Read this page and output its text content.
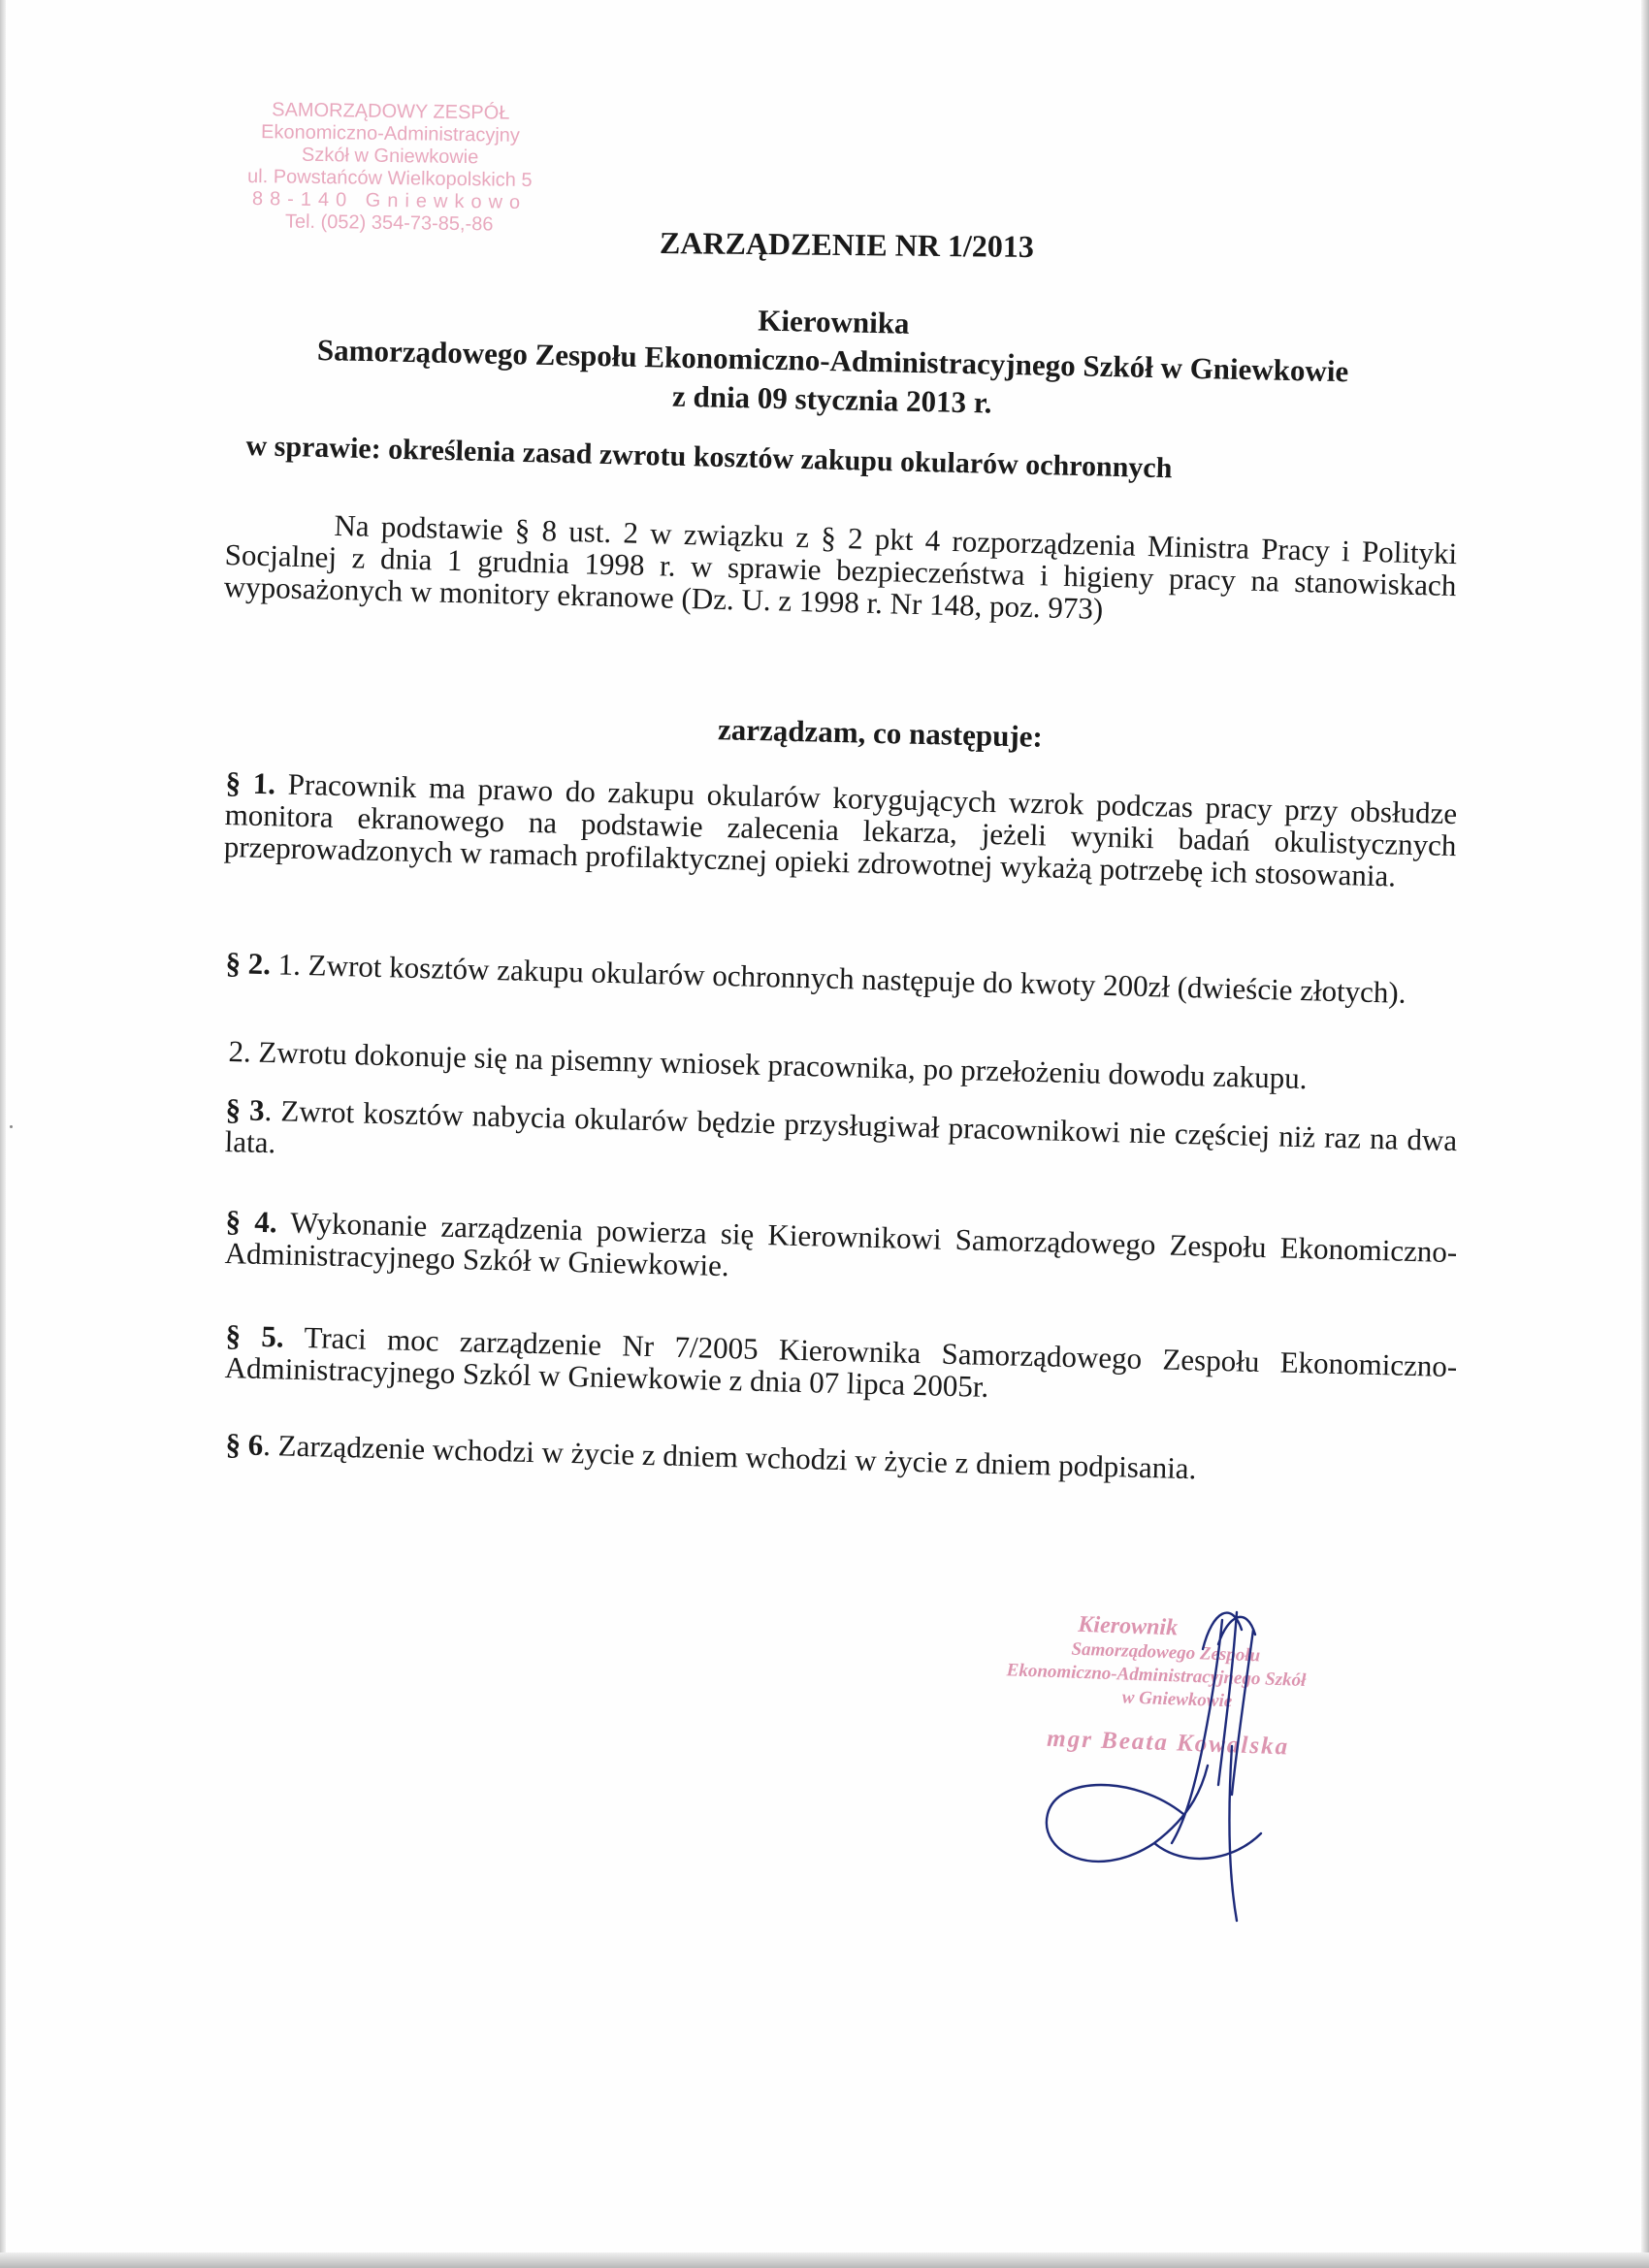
SAMORZĄDOWY ZESPÓŁ
Ekonomiczno-Administracyjny
Szkół w Gniewkowie
ul. Powstańców Wielkopolskich 5
88-140 Gniewkowo
Tel. (052) 354-73-85,-86
ZARZĄDZENIE NR 1/2013
Kierownika
Samorządowego Zespołu Ekonomiczno-Administracyjnego Szkół w Gniewkowie
z dnia 09 stycznia 2013 r.
w sprawie: określenia zasad zwrotu kosztów zakupu okularów ochronnych
Na podstawie § 8 ust. 2 w związku z § 2 pkt 4 rozporządzenia Ministra Pracy i Polityki Socjalnej z dnia 1 grudnia 1998 r. w sprawie bezpieczeństwa i higieny pracy na stanowiskach wyposażonych w monitory ekranowe (Dz. U. z 1998 r. Nr 148, poz. 973)
zarządzam, co następuje:
§ 1. Pracownik ma prawo do zakupu okularów korygujących wzrok podczas pracy przy obsłudze monitora ekranowego na podstawie zalecenia lekarza, jeżeli wyniki badań okulistycznych przeprowadzonych w ramach profilaktycznej opieki zdrowotnej wykażą potrzebę ich stosowania.
§ 2. 1. Zwrot kosztów zakupu okularów ochronnych następuje do kwoty 200zł (dwieście złotych).
2. Zwrotu dokonuje się na pisemny wniosek pracownika, po przełożeniu dowodu zakupu.
§ 3. Zwrot kosztów nabycia okularów będzie przysługiwał pracownikowi nie częściej niż raz na dwa lata.
§ 4. Wykonanie zarządzenia powierza się Kierownikowi Samorządowego Zespołu Ekonomiczno-Administracyjnego Szkół w Gniewkowie.
§ 5. Traci moc zarządzenie Nr 7/2005 Kierownika Samorządowego Zespołu Ekonomiczno-Administracyjnego Szkól w Gniewkowie z dnia 07 lipca 2005r.
§ 6. Zarządzenie wchodzi w życie z dniem wchodzi w życie z dniem podpisania.
Kierownik
Samorządowego Zespołu
Ekonomiczno-Administracyjnego Szkół
w Gniewkowie
mgr Beata Kowalska
